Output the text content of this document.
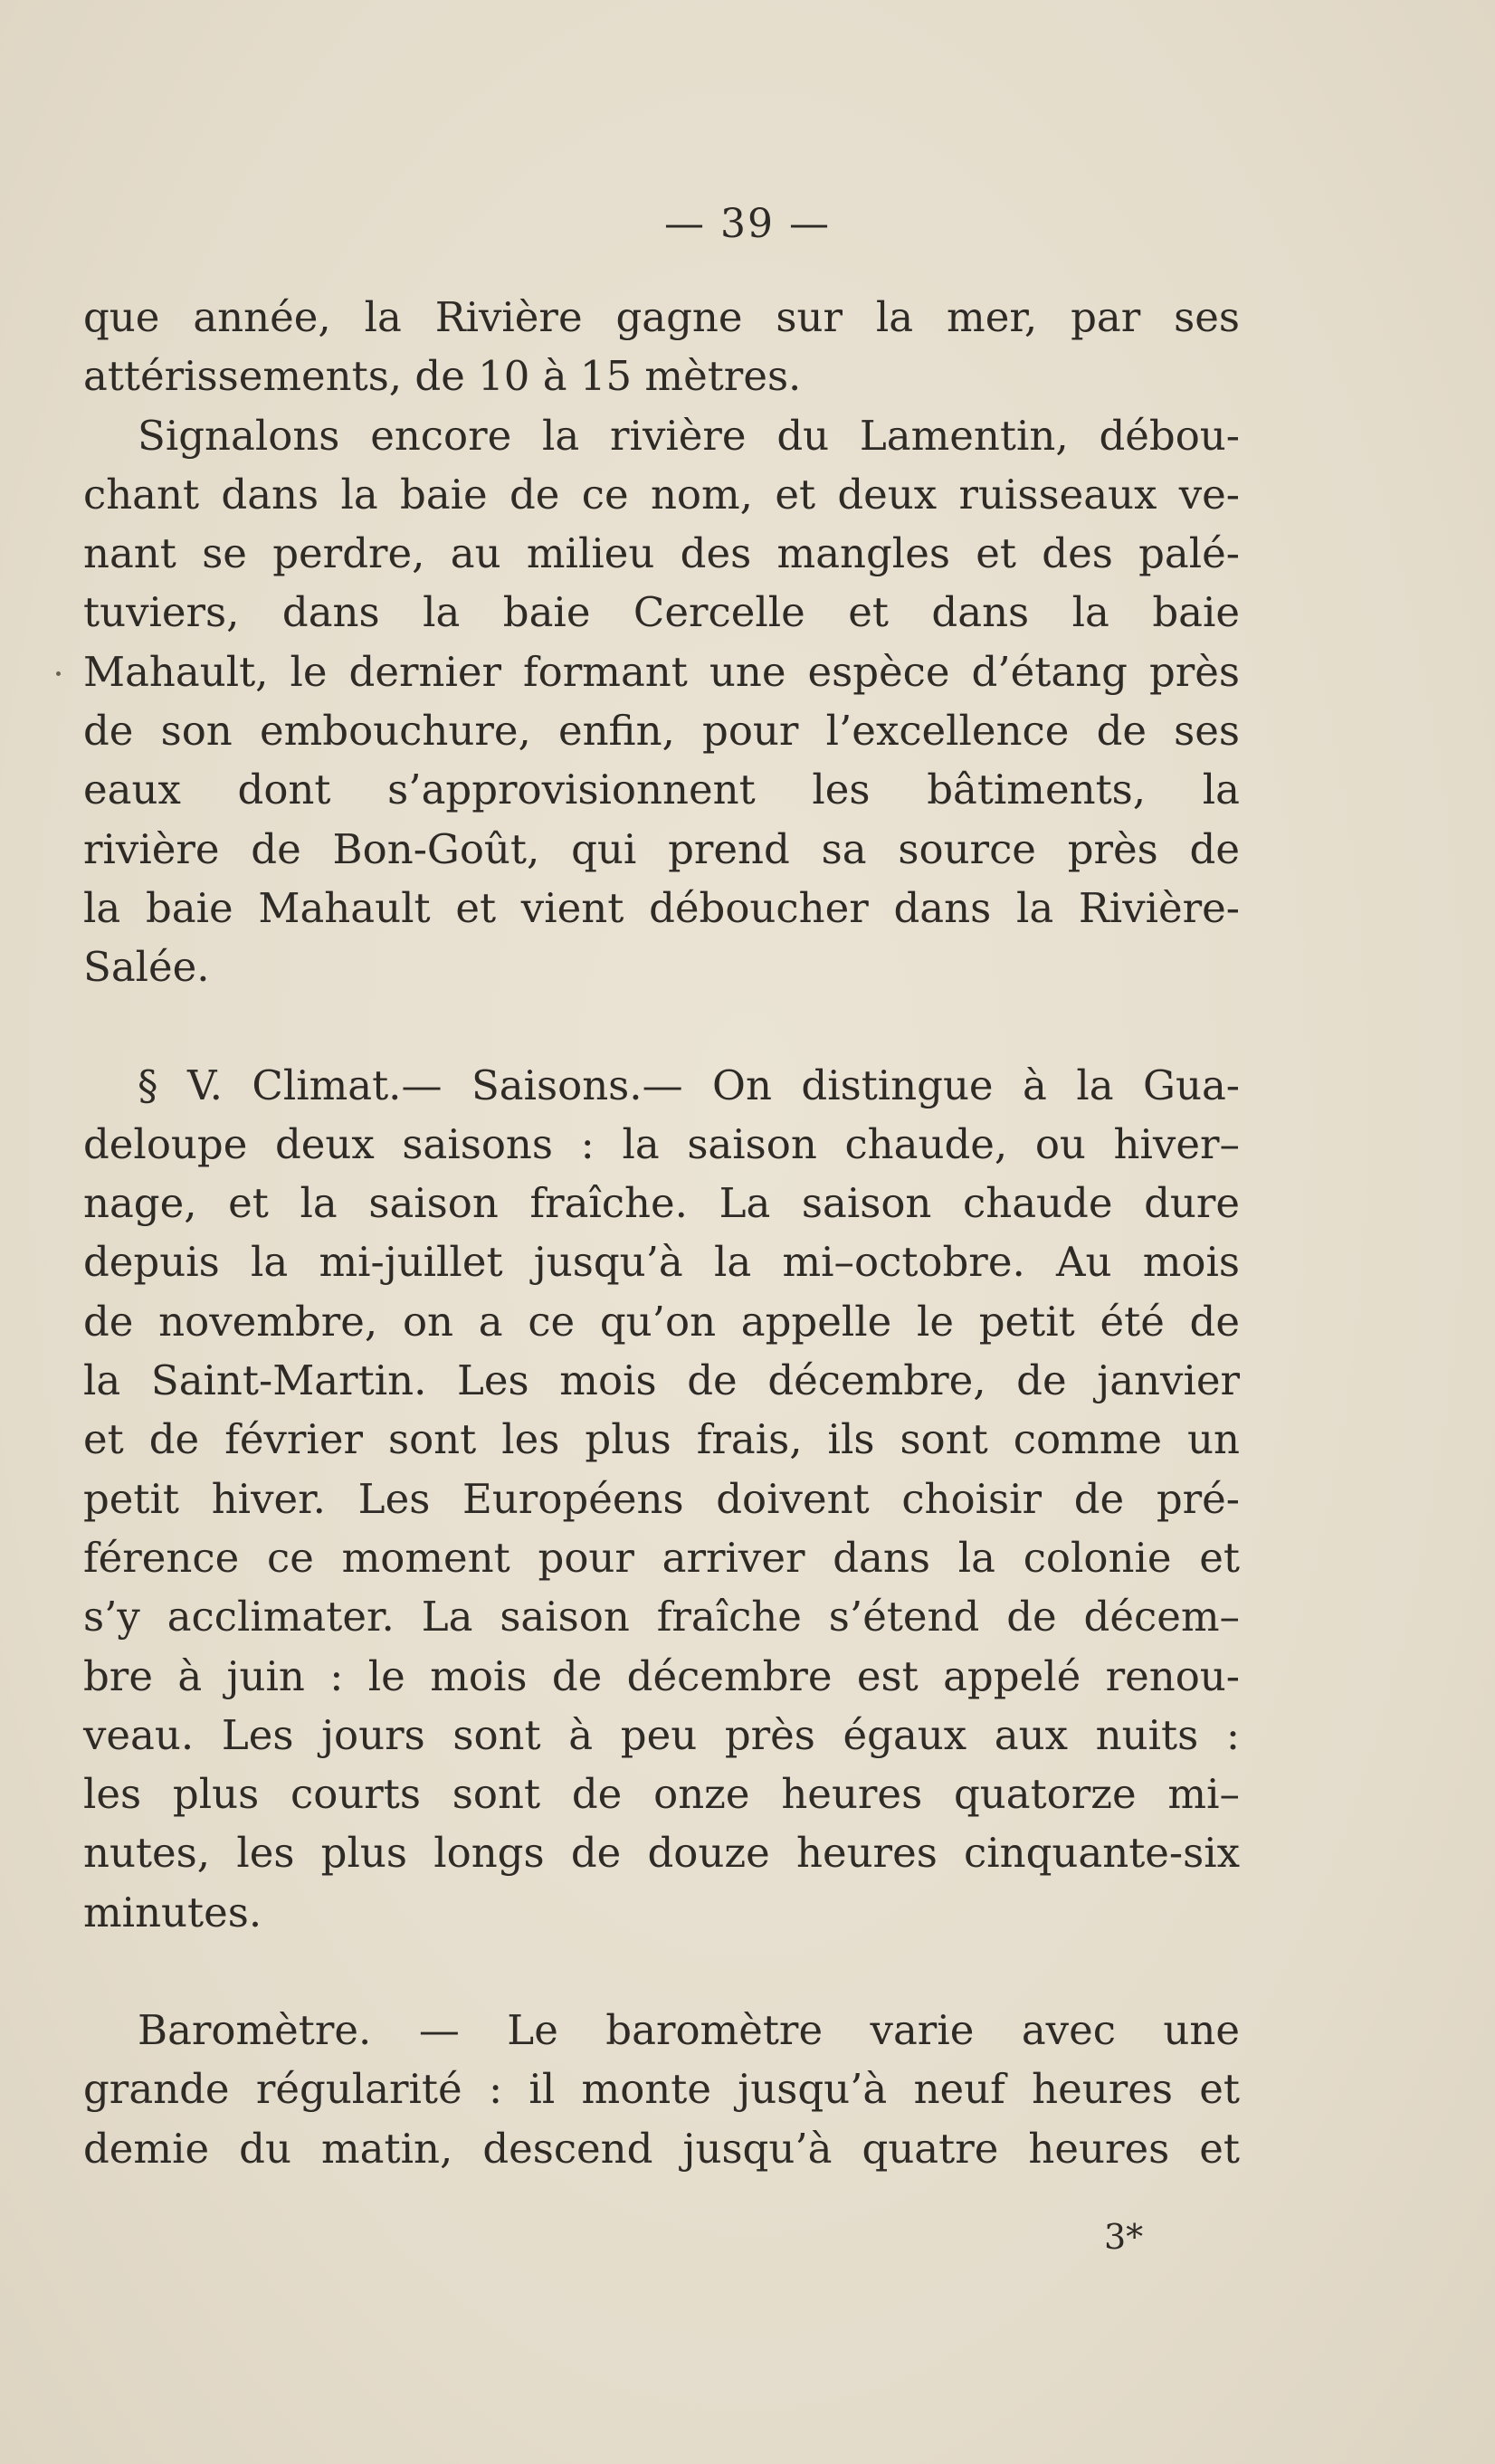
— 39 —
que année, la Rivière gagne sur la mer, par ses
attérissements, de 10 à 15 mètres.
Signalons encore la rivière du Lamentin, débou-
chant dans la baie de ce nom, et deux ruisseaux ve-
nant se perdre, au milieu des mangles et des palé-
tuviers, dans la baie Cercelle et dans la baie
Mahault, le dernier formant une espèce d’étang près
de son embouchure, enfin, pour l’excellence de ses
eaux dont s’approvisionnent les bâtiments, la
rivière de Bon-Goût, qui prend sa source près de
la baie Mahault et vient déboucher dans la Rivière-
Salée.
§ V. Climat.— Saisons.— On distingue à la Gua-
deloupe deux saisons : la saison chaude, ou hiver–
nage, et la saison fraîche. La saison chaude dure
depuis la mi-juillet jusqu’à la mi–octobre. Au mois
de novembre, on a ce qu’on appelle le petit été de
la Saint-Martin. Les mois de décembre, de janvier
et de février sont les plus frais, ils sont comme un
petit hiver. Les Européens doivent choisir de pré-
férence ce moment pour arriver dans la colonie et
s’y acclimater. La saison fraîche s’étend de décem–
bre à juin : le mois de décembre est appelé renou-
veau. Les jours sont à peu près égaux aux nuits :
les plus courts sont de onze heures quatorze mi–
nutes, les plus longs de douze heures cinquante-six
minutes.
Baromètre. — Le baromètre varie avec une
grande régularité : il monte jusqu’à neuf heures et
demie du matin, descend jusqu’à quatre heures et
3*
